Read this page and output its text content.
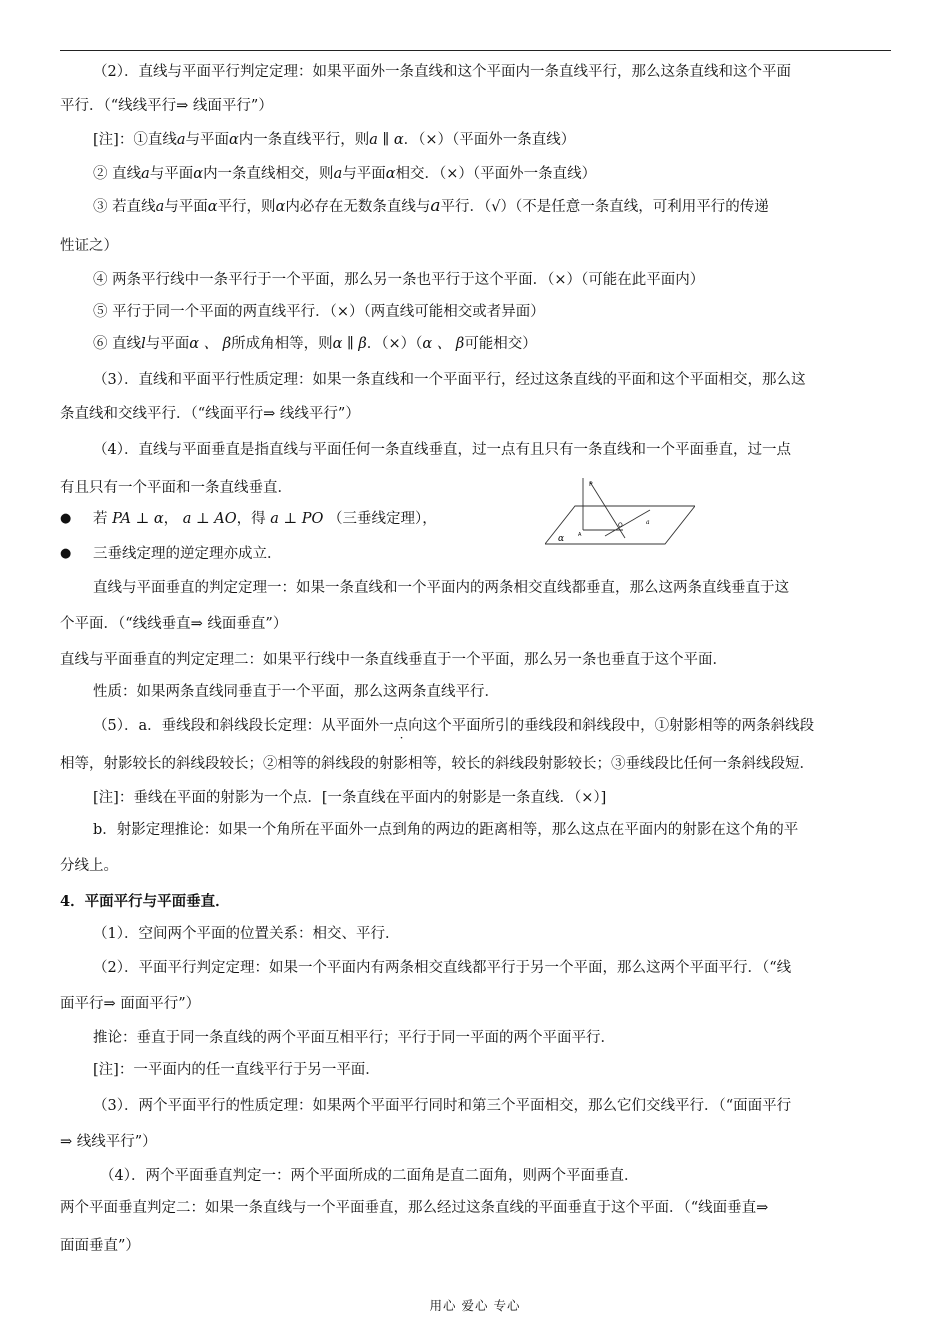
（2）．直线与平面平行判定定理：如果平面外一条直线和这个平面内一条直线平行，那么这条直线和这个平面
平行．（“线线平行⇒ 线面平行”）
[注]：①直线a与平面α内一条直线平行，则a ∥ α．（×）（平面外一条直线）
② 直线a与平面α内一条直线相交，则a与平面α相交．（×）（平面外一条直线）
③ 若直线a与平面α平行，则α内必存在无数条直线与a平行．（√）（不是任意一条直线，可利用平行的传递
性证之）
④ 两条平行线中一条平行于一个平面，那么另一条也平行于这个平面．（×）（可能在此平面内）
⑤ 平行于同一个平面的两直线平行．（×）（两直线可能相交或者异面）
⑥ 直线l与平面α 、 β所成角相等，则α ∥ β．（×）（α 、 β可能相交）
（3）．直线和平面平行性质定理：如果一条直线和一个平面平行，经过这条直线的平面和这个平面相交，那么这
条直线和交线平行．（“线面平行⇒ 线线平行”）
（4）．直线与平面垂直是指直线与平面任何一条直线垂直，过一点有且只有一条直线和一个平面垂直，过一点
有且只有一个平面和一条直线垂直．
● 若 PA ⊥ α， a ⊥ AO，得 a ⊥ PO （三垂线定理），
● 三垂线定理的逆定理亦成立．
P
O	a
A
α
直线与平面垂直的判定定理一：如果一条直线和一个平面内的两条相交直线都垂直，那么这两条直线垂直于这
个平面．（“线线垂直⇒ 线面垂直”）
直线与平面垂直的判定定理二：如果平行线中一条直线垂直于一个平面，那么另一条也垂直于这个平面．
性质：如果两条直线同垂直于一个平面，那么这两条直线平行．
（5）．a．垂线段和斜线段长定理：从平面外一点向这个平面所引的垂线段和斜线段中，①射影相等的两条斜线段
相等，射影较长的斜线段较长；②相等的斜线段的射影相等，较长的斜线段射影较长；③垂线段比任何一条斜线段短．
[注]：垂线在平面的射影为一个点．[一条直线在平面内的射影是一条直线．（×）]
b．射影定理推论：如果一个角所在平面外一点到角的两边的距离相等，那么这点在平面内的射影在这个角的平
分线上。
4．平面平行与平面垂直．
（1）．空间两个平面的位置关系：相交、平行．
（2）．平面平行判定定理：如果一个平面内有两条相交直线都平行于另一个平面，那么这两个平面平行．（“线
面平行⇒ 面面平行”）
推论：垂直于同一条直线的两个平面互相平行；平行于同一平面的两个平面平行．
[注]：一平面内的任一直线平行于另一平面．
（3）．两个平面平行的性质定理：如果两个平面平行同时和第三个平面相交，那么它们交线平行．（“面面平行
⇒ 线线平行”）
（4）．两个平面垂直判定一：两个平面所成的二面角是直二面角，则两个平面垂直．
两个平面垂直判定二：如果一条直线与一个平面垂直，那么经过这条直线的平面垂直于这个平面．（“线面垂直⇒
面面垂直”）
用心 爱心 专心
